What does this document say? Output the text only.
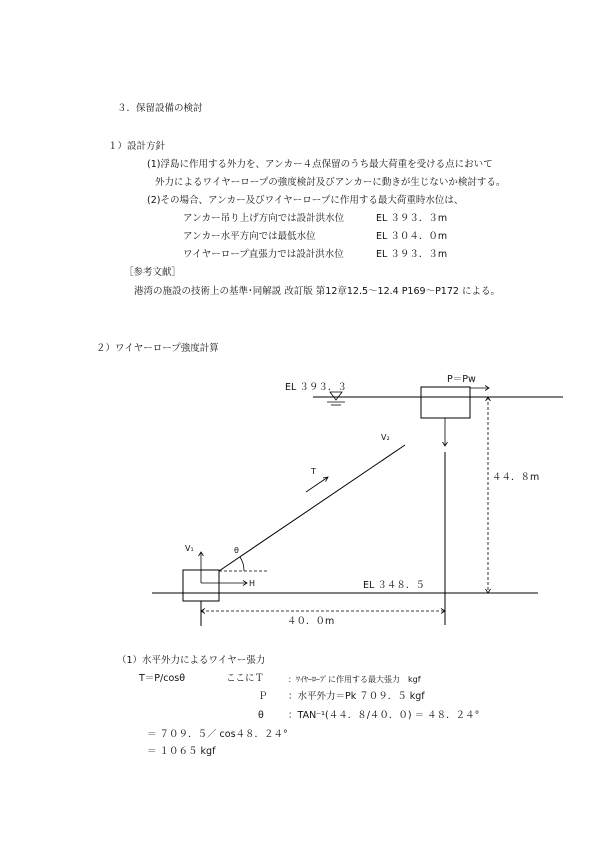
３．保留設備の検討
１）設計方針
(1)浮島に作用する外力を、アンカー４点保留のうち最大荷重を受ける点において
外力によるワイヤーロープの強度検討及びアンカーに動きが生じないか検討する。
(2)その場合、アンカー及びワイヤーロープに作用する最大荷重時水位は、
アンカー吊り上げ方向では設計洪水位	EL ３９３．３m
アンカー水平方向では最低水位	EL ３０４．０m
ワイヤーロープ直張力では設計洪水位	EL ３９３．３m
［参考文献］
港湾の施設の技術上の基準･同解説 改訂版 第12章12.5～12.4 P169～P172 による。
２）ワイヤーロープ強度計算
EL ３９３．３
P＝Pw
V₂
T
V₁	θ
H	EL ３４８．５
４４．８m
４０．０m
（1）水平外力によるワイヤー張力
T＝P/cosθ	ここにＴ	：ﾜｲﾔｰﾛｰﾌﾟに作用する最大張力　kgf
Ｐ ：水平外力＝Pk ７０９．５ kgf
θ	：TAN⁻¹(４４．８/４０．０) ＝ ４８．２４°
＝ ７０９．５／ cos４８．２４°
＝ １０６５ kgf
